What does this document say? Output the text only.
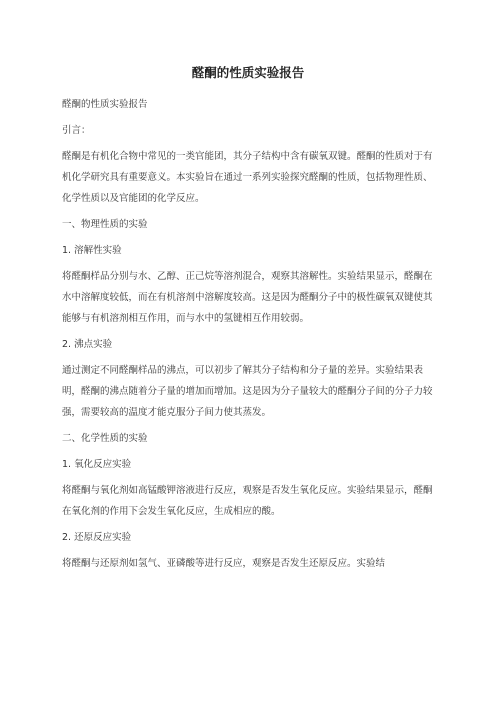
醛酮的性质实验报告

醛酮的性质实验报告

引言：

醛酮是有机化合物中常见的一类官能团，其分子结构中含有碳氧双键。醛酮的性质对于有机化学研究具有重要意义。本实验旨在通过一系列实验探究醛酮的性质，包括物理性质、化学性质以及官能团的化学反应。

一、物理性质的实验

1. 溶解性实验

将醛酮样品分别与水、乙醇、正己烷等溶剂混合，观察其溶解性。实验结果显示，醛酮在水中溶解度较低，而在有机溶剂中溶解度较高。这是因为醛酮分子中的极性碳氧双键使其能够与有机溶剂相互作用，而与水中的氢键相互作用较弱。

2. 沸点实验

通过测定不同醛酮样品的沸点，可以初步了解其分子结构和分子量的差异。实验结果表明，醛酮的沸点随着分子量的增加而增加。这是因为分子量较大的醛酮分子间的分子力较强，需要较高的温度才能克服分子间力使其蒸发。

二、化学性质的实验

1. 氧化反应实验

将醛酮与氧化剂如高锰酸钾溶液进行反应，观察是否发生氧化反应。实验结果显示，醛酮在氧化剂的作用下会发生氧化反应，生成相应的酸。

2. 还原反应实验

将醛酮与还原剂如氢气、亚磷酸等进行反应，观察是否发生还原反应。实验结
